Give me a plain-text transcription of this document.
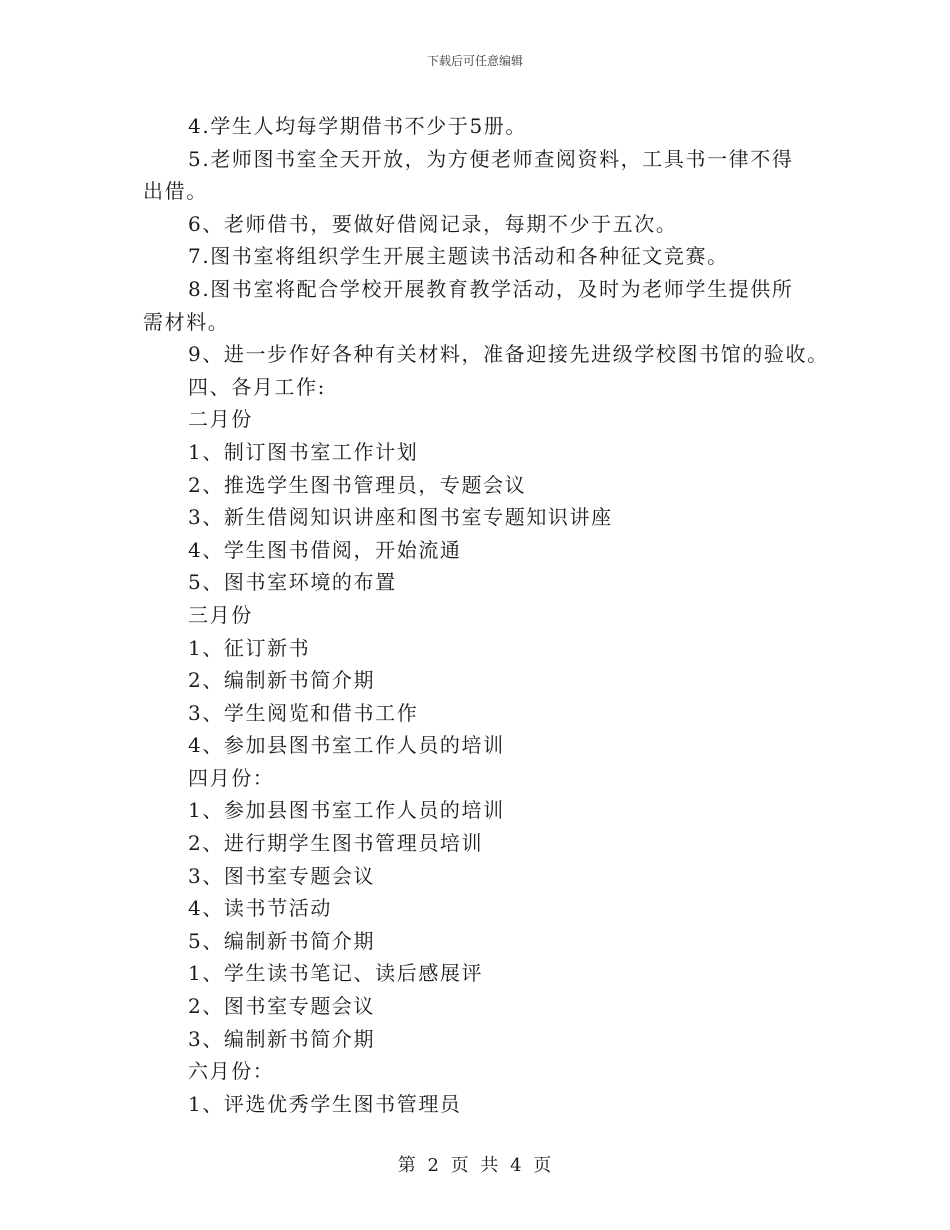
下载后可任意编辑

4.学生人均每学期借书不少于5册。

5.老师图书室全天开放，为方便老师查阅资料，工具书一律不得

出借。

6、老师借书，要做好借阅记录，每期不少于五次。

7.图书室将组织学生开展主题读书活动和各种征文竞赛。

8.图书室将配合学校开展教育教学活动，及时为老师学生提供所

需材料。

9、进一步作好各种有关材料，准备迎接先进级学校图书馆的验收。

四、各月工作:

二月份

1、制订图书室工作计划

2、推选学生图书管理员，专题会议

3、新生借阅知识讲座和图书室专题知识讲座

4、学生图书借阅，开始流通

5、图书室环境的布置

三月份

1、征订新书

2、编制新书简介期

3、学生阅览和借书工作

4、参加县图书室工作人员的培训

四月份：

1、参加县图书室工作人员的培训

2、进行期学生图书管理员培训

3、图书室专题会议

4、读书节活动

5、编制新书简介期

1、学生读书笔记、读后感展评

2、图书室专题会议

3、编制新书简介期

六月份：

1、评选优秀学生图书管理员

第 2 页 共 4 页
